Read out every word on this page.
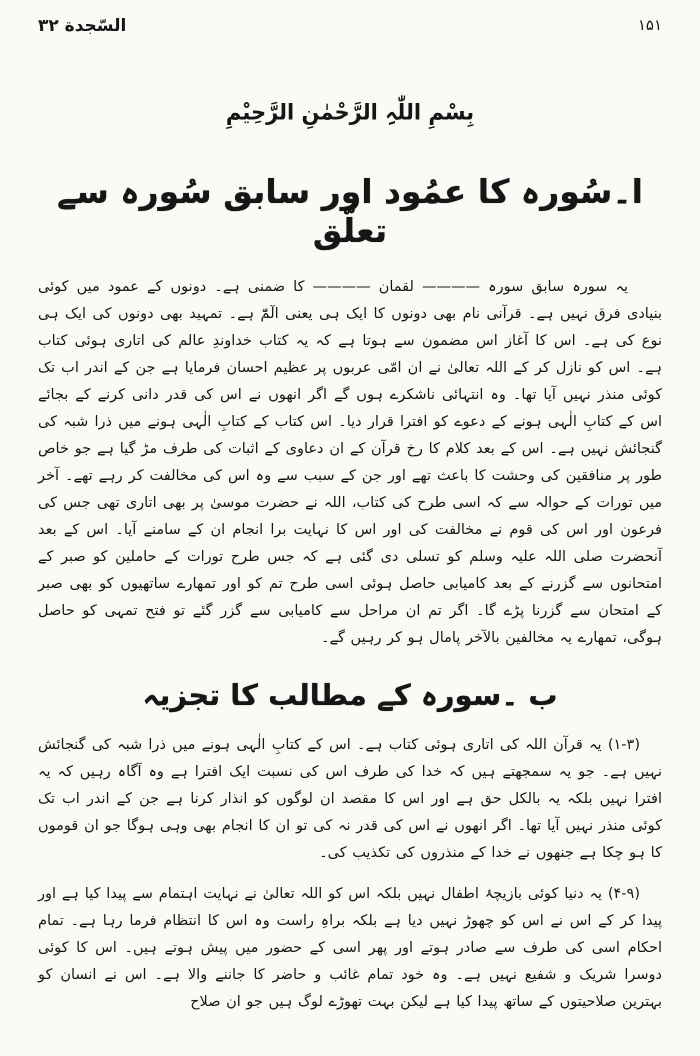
السّجدة ۳۲	۱۵۱
بِسْمِ اللّٰہِ الرَّحْمٰنِ الرَّحِیْمِ
ا۔سُورہ کا عمُود اور سابق سُورہ سے تعلّق

یہ سورہ سابق سورہ ———— لقمان ———— کا ضمنی ہے۔ دونوں کے عمود میں کوئی بنیادی فرق نہیں ہے۔ قرآنی نام بھی دونوں کا ایک ہی یعنی الٓمّٓ ہے۔ تمہید بھی دونوں کی ایک ہی نوع کی ہے۔ اس کا آغاز اس مضمون سے ہوتا ہے کہ یہ کتاب خداوندِ عالم کی اتاری ہوئی کتاب ہے۔ اس کو نازل کر کے اللہ تعالیٰ نے ان امّی عربوں پر عظیم احسان فرمایا ہے جن کے اندر اب تک کوئی منذر نہیں آیا تھا۔ وہ انتہائی ناشکرے ہوں گے اگر انھوں نے اس کی قدر دانی کرنے کے بجائے اس کے کتابِ الٰہی ہونے کے دعوے کو افترا قرار دیا۔ اس کتاب کے کتابِ الٰہی ہونے میں ذرا شبہ کی گنجائش نہیں ہے۔ اس کے بعد کلام کا رخ قرآن کے ان دعاوی کے اثبات کی طرف مڑ گیا ہے جو خاص طور پر منافقین کی وحشت کا باعث تھے اور جن کے سبب سے وہ اس کی مخالفت کر رہے تھے۔ آخر میں تورات کے حوالہ سے کہ اسی طرح کی کتاب، اللہ نے حضرت موسیٰ پر بھی اتاری تھی جس کی فرعون اور اس کی قوم نے مخالفت کی اور اس کا نہایت برا انجام ان کے سامنے آیا۔ اس کے بعد آنحضرت صلی اللہ علیہ وسلم کو تسلی دی گئی ہے کہ جس طرح تورات کے حاملین کو صبر کے امتحانوں سے گزرنے کے بعد کامیابی حاصل ہوئی اسی طرح تم کو اور تمھارے ساتھیوں کو بھی صبر کے امتحان سے گزرنا پڑے گا۔ اگر تم ان مراحل سے کامیابی سے گزر گئے تو فتح تمہی کو حاصل ہوگی، تمھارے یہ مخالفین بالآخر پامال ہو کر رہیں گے۔

ب ۔سورہ کے مطالب کا تجزیہ

(۱-۳) یہ قرآن اللہ کی اتاری ہوئی کتاب ہے۔ اس کے کتابِ الٰہی ہونے میں ذرا شبہ کی گنجائش نہیں ہے۔ جو یہ سمجھتے ہیں کہ خدا کی طرف اس کی نسبت ایک افترا ہے وہ آگاہ رہیں کہ یہ افترا نہیں بلکہ یہ بالکل حق ہے اور اس کا مقصد ان لوگوں کو انذار کرنا ہے جن کے اندر اب تک کوئی منذر نہیں آیا تھا۔ اگر انھوں نے اس کی قدر نہ کی تو ان کا انجام بھی وہی ہوگا جو ان قوموں کا ہو چکا ہے جنھوں نے خدا کے منذروں کی تکذیب کی۔

(۴-۹) یہ دنیا کوئی بازیچۂ اطفال نہیں بلکہ اس کو اللہ تعالیٰ نے نہایت اہتمام سے پیدا کیا ہے اور پیدا کر کے اس نے اس کو چھوڑ نہیں دیا ہے بلکہ براہِ راست وہ اس کا انتظام فرما رہا ہے۔ تمام احکام اسی کی طرف سے صادر ہوتے اور پھر اسی کے حضور میں پیش ہوتے ہیں۔ اس کا کوئی دوسرا شریک و شفیع نہیں ہے۔ وہ خود تمام غائب و حاضر کا جاننے والا ہے۔ اس نے انسان کو بہترین صلاحیتوں کے ساتھ پیدا کیا ہے لیکن بہت تھوڑے لوگ ہیں جو ان صلاح
